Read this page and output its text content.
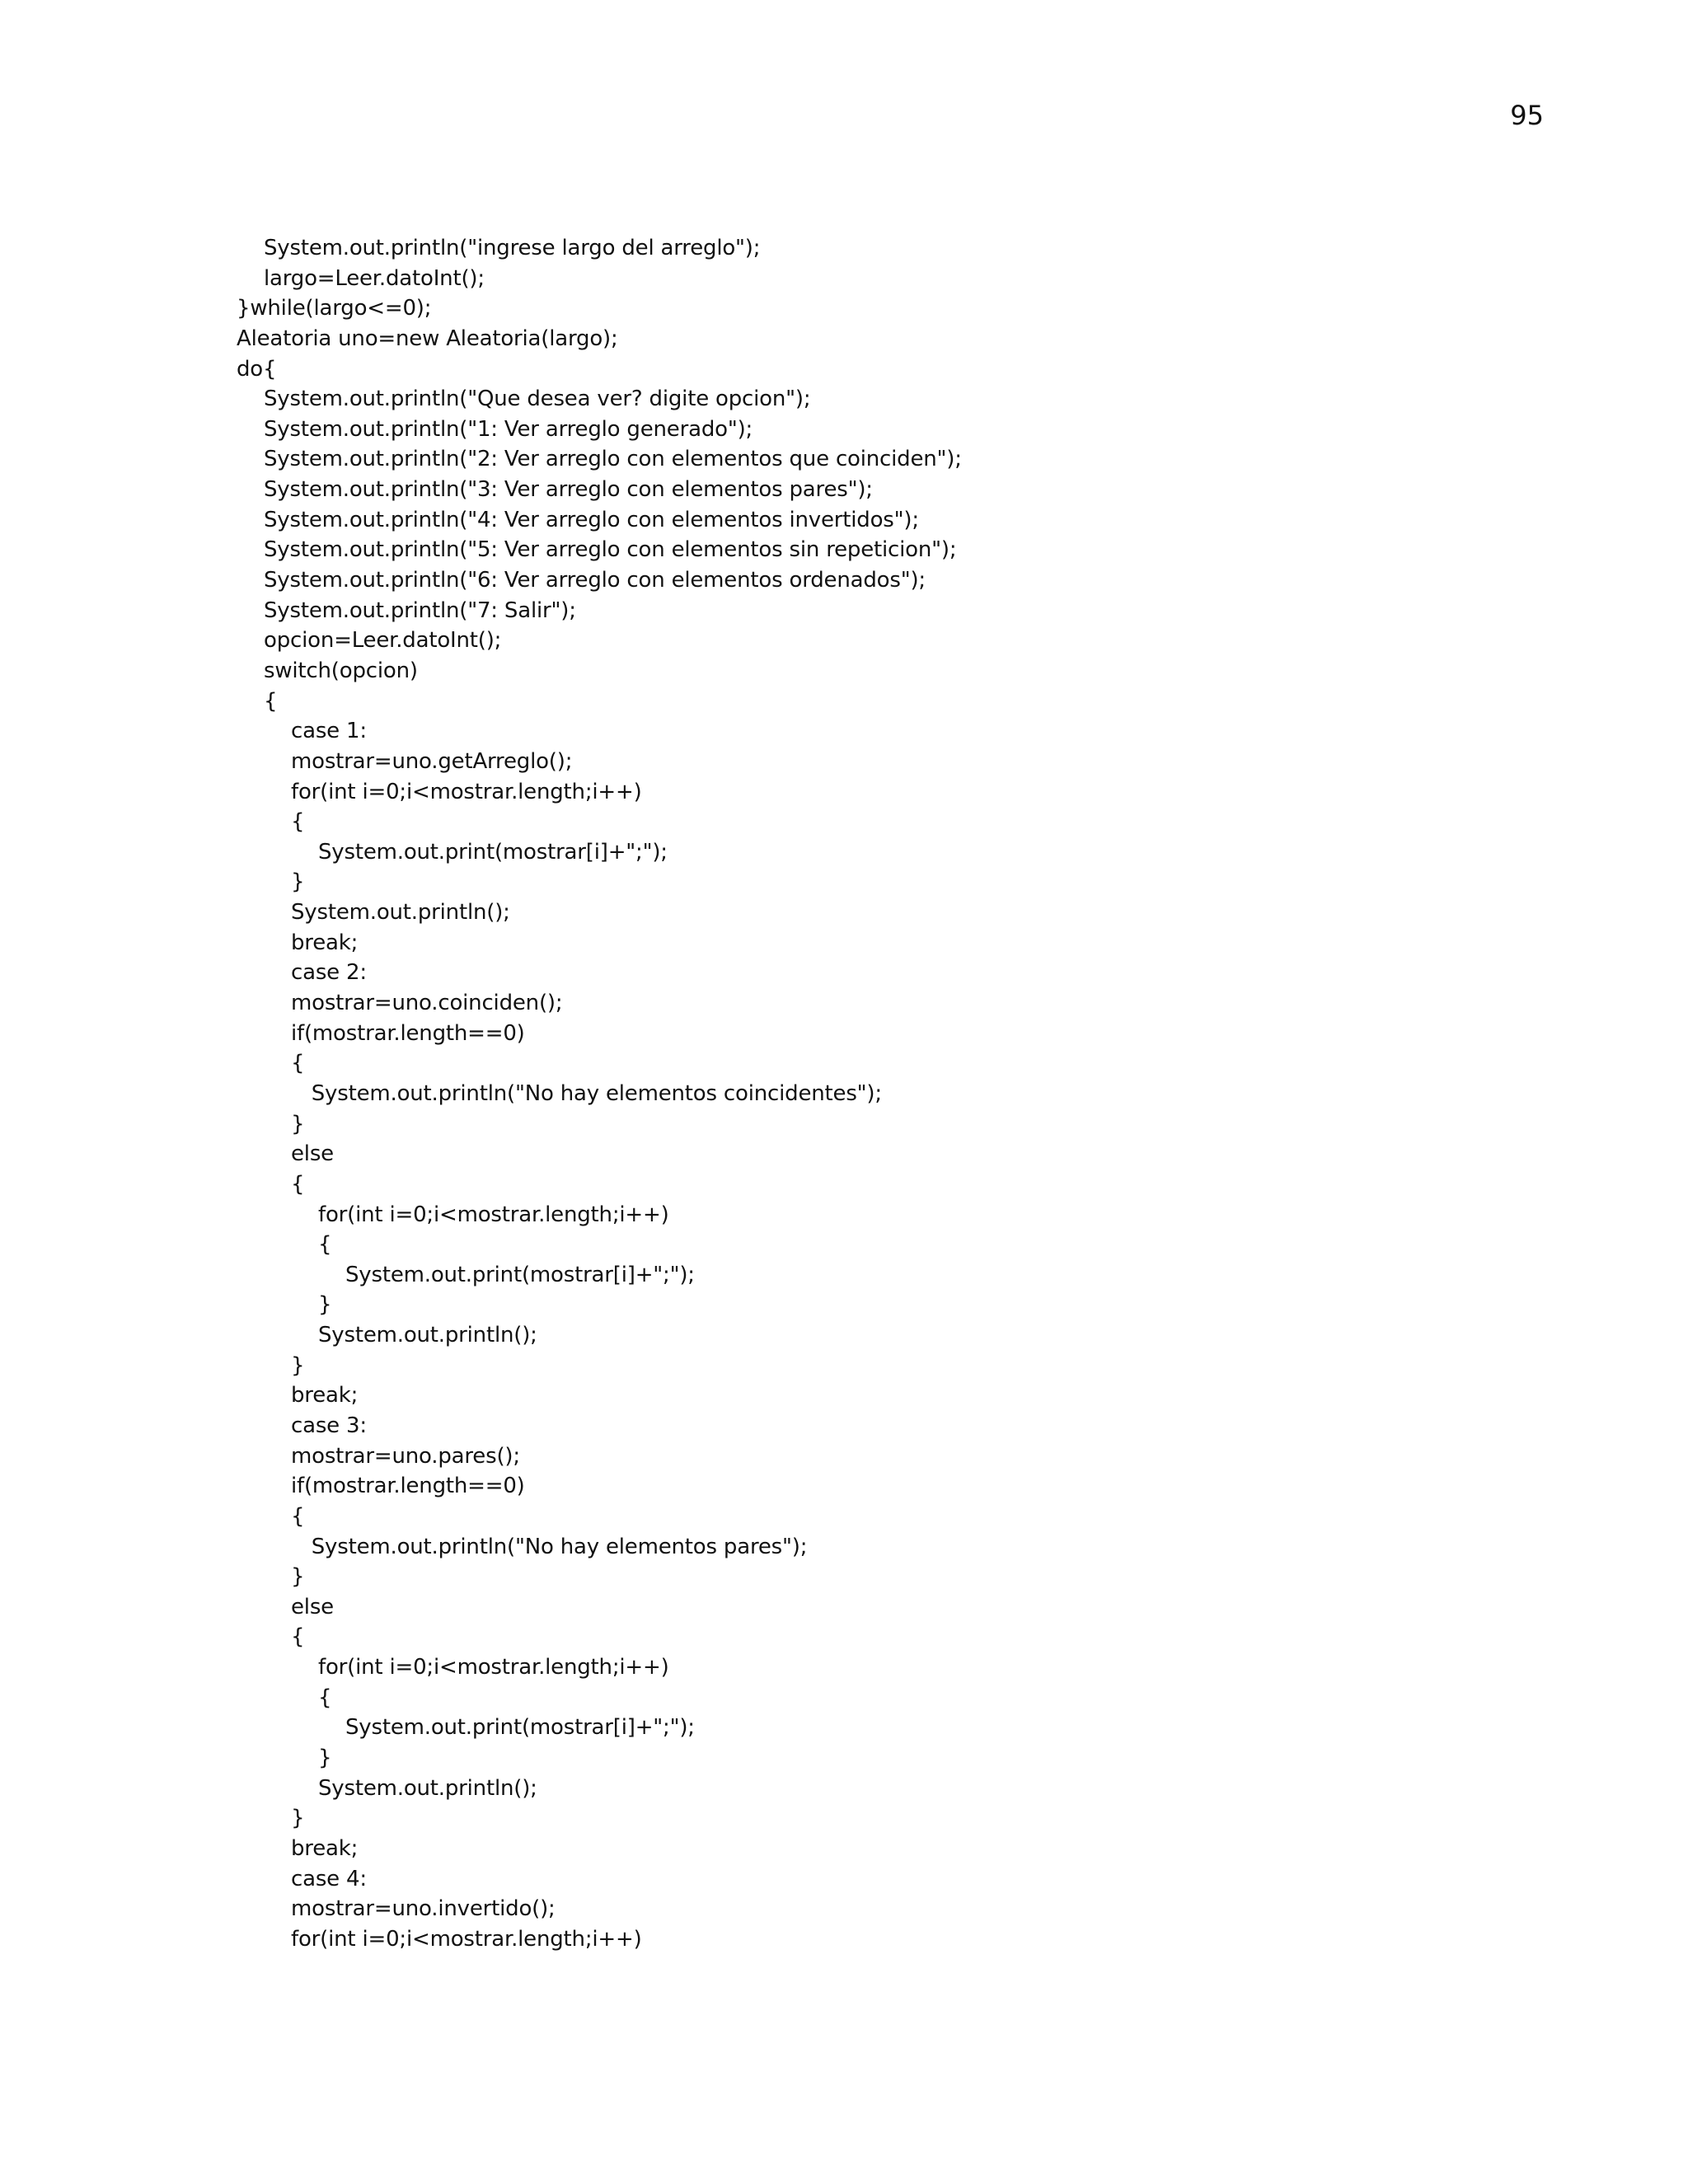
95
System.out.println("ingrese largo del arreglo");
largo=Leer.datoInt();
}while(largo<=0);
Aleatoria uno=new Aleatoria(largo);
do{
System.out.println("Que desea ver? digite opcion");
System.out.println("1: Ver arreglo generado");
System.out.println("2: Ver arreglo con elementos que coinciden");
System.out.println("3: Ver arreglo con elementos pares");
System.out.println("4: Ver arreglo con elementos invertidos");
System.out.println("5: Ver arreglo con elementos sin repeticion");
System.out.println("6: Ver arreglo con elementos ordenados");
System.out.println("7: Salir");
opcion=Leer.datoInt();
switch(opcion)
{
case 1:
mostrar=uno.getArreglo();
for(int i=0;i<mostrar.length;i++)
{
System.out.print(mostrar[i]+";");
}
System.out.println();
break;
case 2:
mostrar=uno.coinciden();
if(mostrar.length==0)
{
System.out.println("No hay elementos coincidentes");
}
else
{
for(int i=0;i<mostrar.length;i++)
{
System.out.print(mostrar[i]+";");
}
System.out.println();
}
break;
case 3:
mostrar=uno.pares();
if(mostrar.length==0)
{
System.out.println("No hay elementos pares");
}
else
{
for(int i=0;i<mostrar.length;i++)
{
System.out.print(mostrar[i]+";");
}
System.out.println();
}
break;
case 4:
mostrar=uno.invertido();
for(int i=0;i<mostrar.length;i++)
